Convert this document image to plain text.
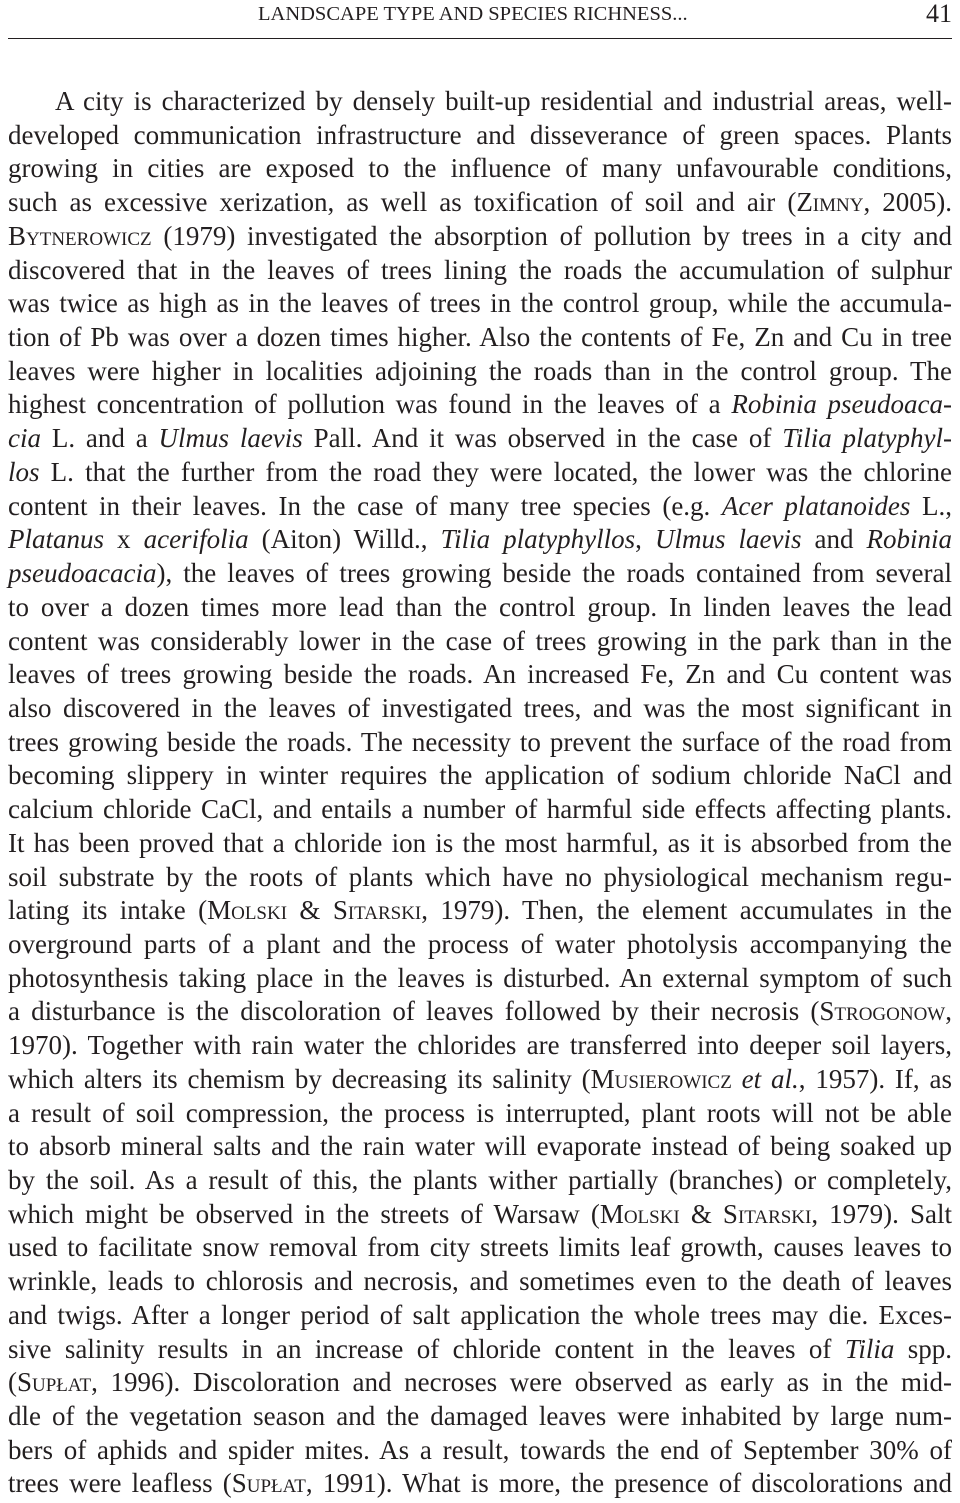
LANDSCAPE TYPE AND SPECIES RICHNESS...	41
A city is characterized by densely built-up residential and industrial areas, well-
developed communication infrastructure and disseverance of green spaces. Plants
growing in cities are exposed to the influence of many unfavourable conditions,
such as excessive xerization, as well as toxification of soil and air (Zimny, 2005).
Bytnerowicz (1979) investigated the absorption of pollution by trees in a city and
discovered that in the leaves of trees lining the roads the accumulation of sulphur
was twice as high as in the leaves of trees in the control group, while the accumula-
tion of Pb was over a dozen times higher. Also the contents of Fe, Zn and Cu in tree
leaves were higher in localities adjoining the roads than in the control group. The
highest concentration of pollution was found in the leaves of a Robinia pseudoaca-
cia L. and a Ulmus laevis Pall. And it was observed in the case of Tilia platyphyl-
los L. that the further from the road they were located, the lower was the chlorine
content in their leaves. In the case of many tree species (e.g. Acer platanoides L.,
Platanus x acerifolia (Aiton) Willd., Tilia platyphyllos, Ulmus laevis and Robinia
pseudoacacia), the leaves of trees growing beside the roads contained from several
to over a dozen times more lead than the control group. In linden leaves the lead
content was considerably lower in the case of trees growing in the park than in the
leaves of trees growing beside the roads. An increased Fe, Zn and Cu content was
also discovered in the leaves of investigated trees, and was the most significant in
trees growing beside the roads. The necessity to prevent the surface of the road from
becoming slippery in winter requires the application of sodium chloride NaCl and
calcium chloride CaCl, and entails a number of harmful side effects affecting plants.
It has been proved that a chloride ion is the most harmful, as it is absorbed from the
soil substrate by the roots of plants which have no physiological mechanism regu-
lating its intake (Molski & Sitarski, 1979). Then, the element accumulates in the
overground parts of a plant and the process of water photolysis accompanying the
photosynthesis taking place in the leaves is disturbed. An external symptom of such
a disturbance is the discoloration of leaves followed by their necrosis (Strogonow,
1970). Together with rain water the chlorides are transferred into deeper soil layers,
which alters its chemism by decreasing its salinity (Musierowicz et al., 1957). If, as
a result of soil compression, the process is interrupted, plant roots will not be able
to absorb mineral salts and the rain water will evaporate instead of being soaked up
by the soil. As a result of this, the plants wither partially (branches) or completely,
which might be observed in the streets of Warsaw (Molski & Sitarski, 1979). Salt
used to facilitate snow removal from city streets limits leaf growth, causes leaves to
wrinkle, leads to chlorosis and necrosis, and sometimes even to the death of leaves
and twigs. After a longer period of salt application the whole trees may die. Exces-
sive salinity results in an increase of chloride content in the leaves of Tilia spp.
(Supłat, 1996). Discoloration and necroses were observed as early as in the mid-
dle of the vegetation season and the damaged leaves were inhabited by large num-
bers of aphids and spider mites. As a result, towards the end of September 30% of
trees were leafless (Supłat, 1991). What is more, the presence of discolorations and
